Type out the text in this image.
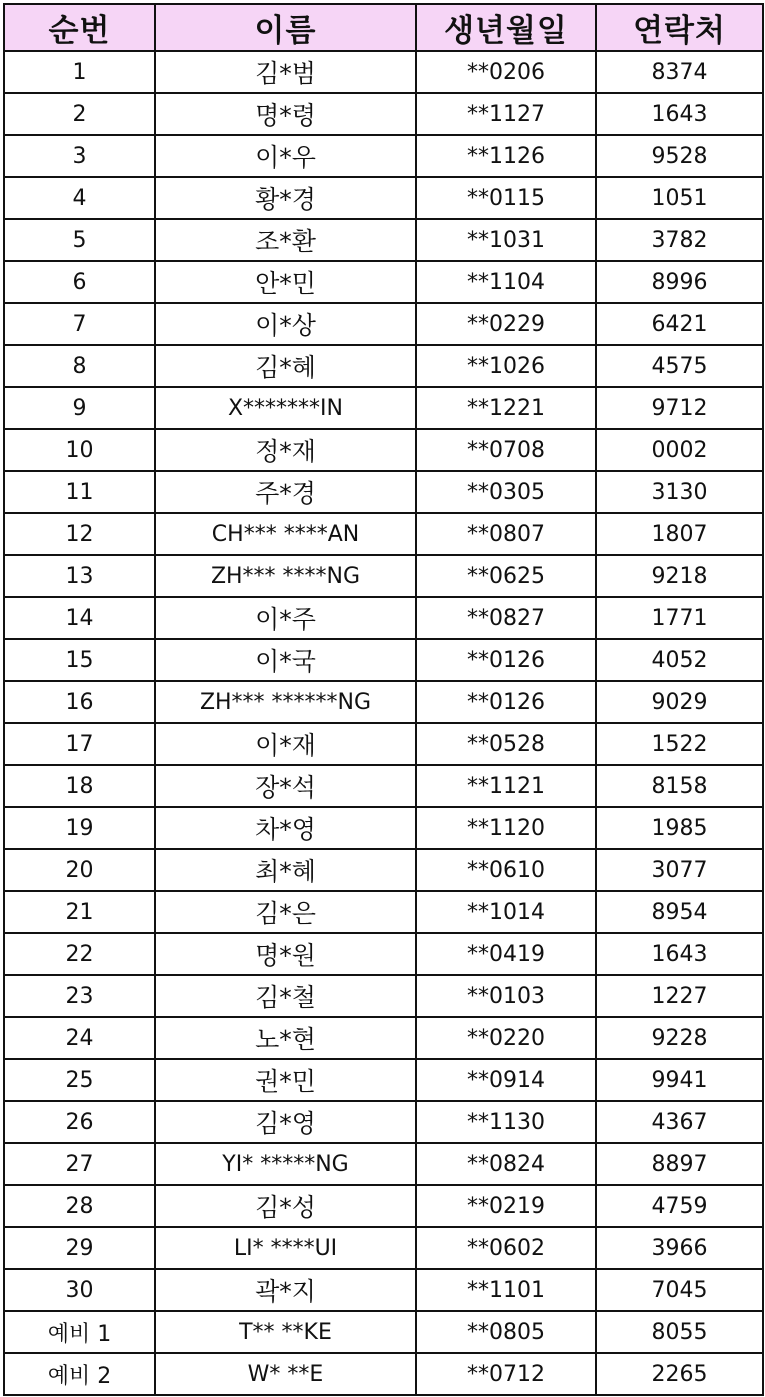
순번	이름	생년월일	연락처
1	김*범	**0206	8374
2	명*령	**1127	1643
3	이*우	**1126	9528
4	황*경	**0115	1051
5	조*환	**1031	3782
6	안*민	**1104	8996
7	이*상	**0229	6421
8	김*혜	**1026	4575
9	X*******IN	**1221	9712
10	정*재	**0708	0002
11	주*경	**0305	3130
12	CH*** ****AN	**0807	1807
13	ZH*** ****NG	**0625	9218
14	이*주	**0827	1771
15	이*국	**0126	4052
16	ZH*** ******NG	**0126	9029
17	이*재	**0528	1522
18	장*석	**1121	8158
19	차*영	**1120	1985
20	최*혜	**0610	3077
21	김*은	**1014	8954
22	명*원	**0419	1643
23	김*철	**0103	1227
24	노*현	**0220	9228
25	권*민	**0914	9941
26	김*영	**1130	4367
27	YI* *****NG	**0824	8897
28	김*성	**0219	4759
29	LI* ****UI	**0602	3966
30	곽*지	**1101	7045
예비 1	T** **KE	**0805	8055
예비 2	W* **E	**0712	2265
